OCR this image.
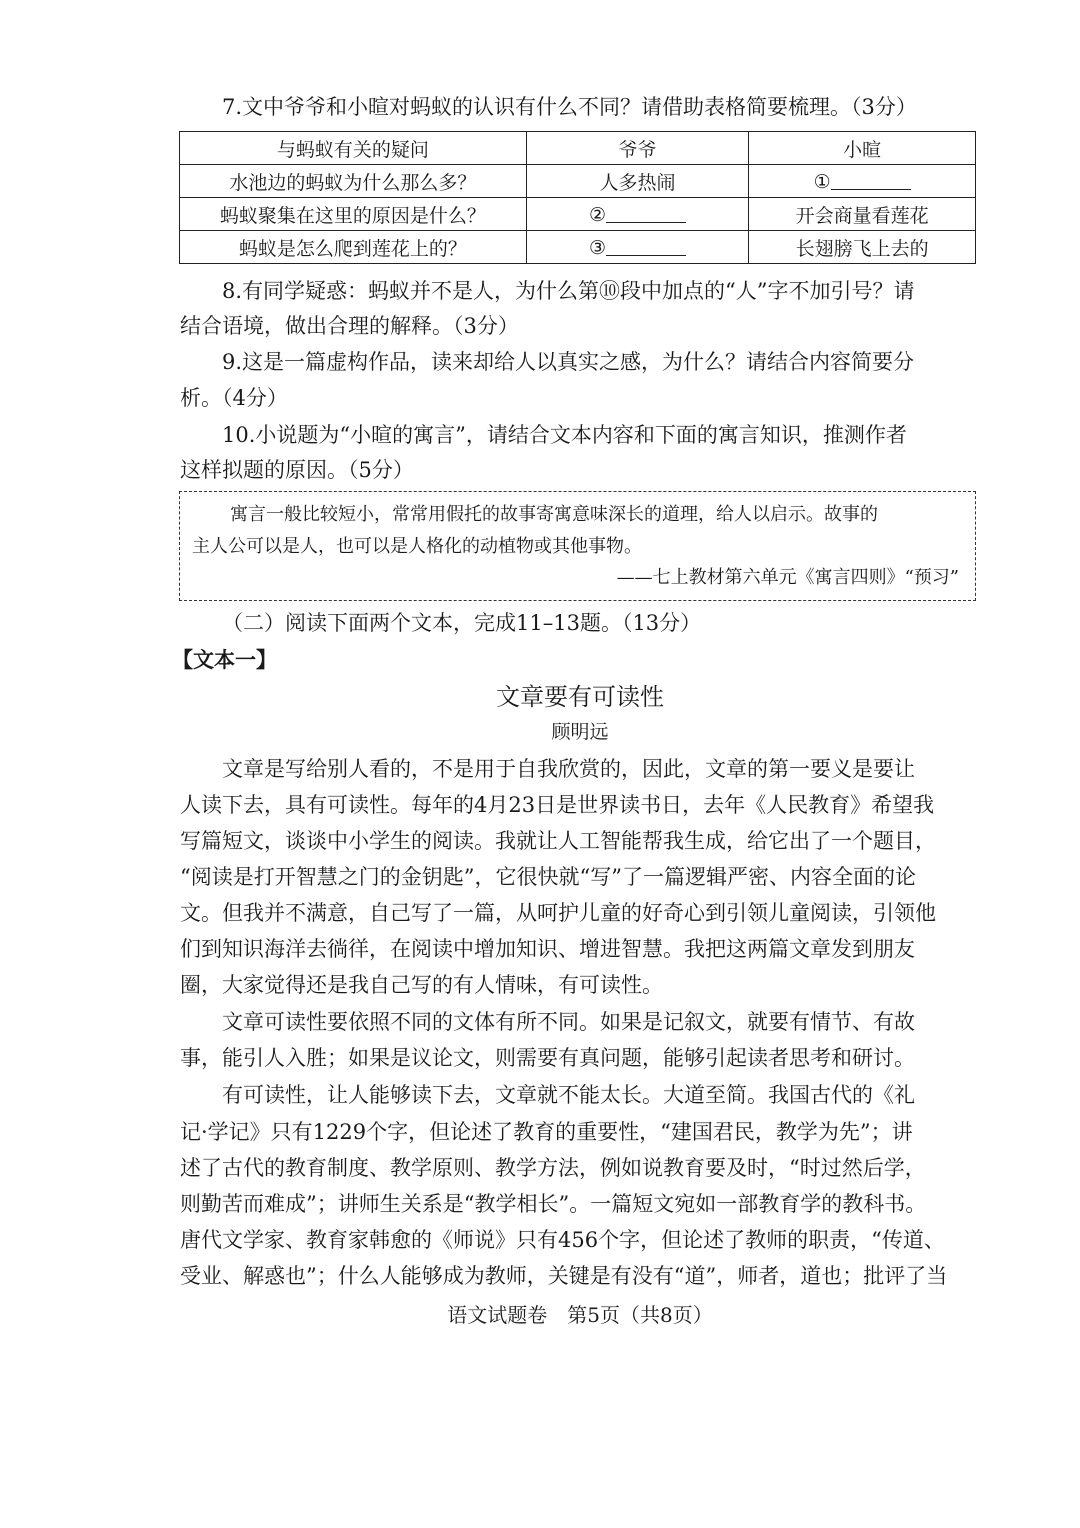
7.文中爷爷和小暄对蚂蚁的认识有什么不同？请借助表格简要梳理。（3分）
与蚂蚁有关的疑问	爷爷	小暄
水池边的蚂蚁为什么那么多？	人多热闹	①
蚂蚁聚集在这里的原因是什么？	②	开会商量看莲花
蚂蚁是怎么爬到莲花上的？	③	长翅膀飞上去的
8.有同学疑惑：蚂蚁并不是人，为什么第⑩段中加点的“人”字不加引号？请
结合语境，做出合理的解释。（3分）
9.这是一篇虚构作品，读来却给人以真实之感，为什么？请结合内容简要分
析。（4分）
10.小说题为“小暄的寓言”，请结合文本内容和下面的寓言知识，推测作者
这样拟题的原因。（5分）
寓言一般比较短小，常常用假托的故事寄寓意味深长的道理，给人以启示。故事的
主人公可以是人，也可以是人格化的动植物或其他事物。
——七上教材第六单元《寓言四则》“预习”
（二）阅读下面两个文本，完成11–13题。（13分）
【文本一】
文章要有可读性
顾明远
文章是写给别人看的，不是用于自我欣赏的，因此，文章的第一要义是要让
人读下去，具有可读性。每年的4月23日是世界读书日，去年《人民教育》希望我
写篇短文，谈谈中小学生的阅读。我就让人工智能帮我生成，给它出了一个题目，
“阅读是打开智慧之门的金钥匙”，它很快就“写”了一篇逻辑严密、内容全面的论
文。但我并不满意，自己写了一篇，从呵护儿童的好奇心到引领儿童阅读，引领他
们到知识海洋去徜徉，在阅读中增加知识、增进智慧。我把这两篇文章发到朋友
圈，大家觉得还是我自己写的有人情味，有可读性。
文章可读性要依照不同的文体有所不同。如果是记叙文，就要有情节、有故
事，能引人入胜；如果是议论文，则需要有真问题，能够引起读者思考和研讨。
有可读性，让人能够读下去，文章就不能太长。大道至简。我国古代的《礼
记·学记》只有1229个字，但论述了教育的重要性，“建国君民，教学为先”；讲
述了古代的教育制度、教学原则、教学方法，例如说教育要及时，“时过然后学，
则勤苦而难成”；讲师生关系是“教学相长”。一篇短文宛如一部教育学的教科书。
唐代文学家、教育家韩愈的《师说》只有456个字，但论述了教师的职责，“传道、
受业、解惑也”；什么人能够成为教师，关键是有没有“道”，师者，道也；批评了当
语文试题卷　第5页（共8页）
